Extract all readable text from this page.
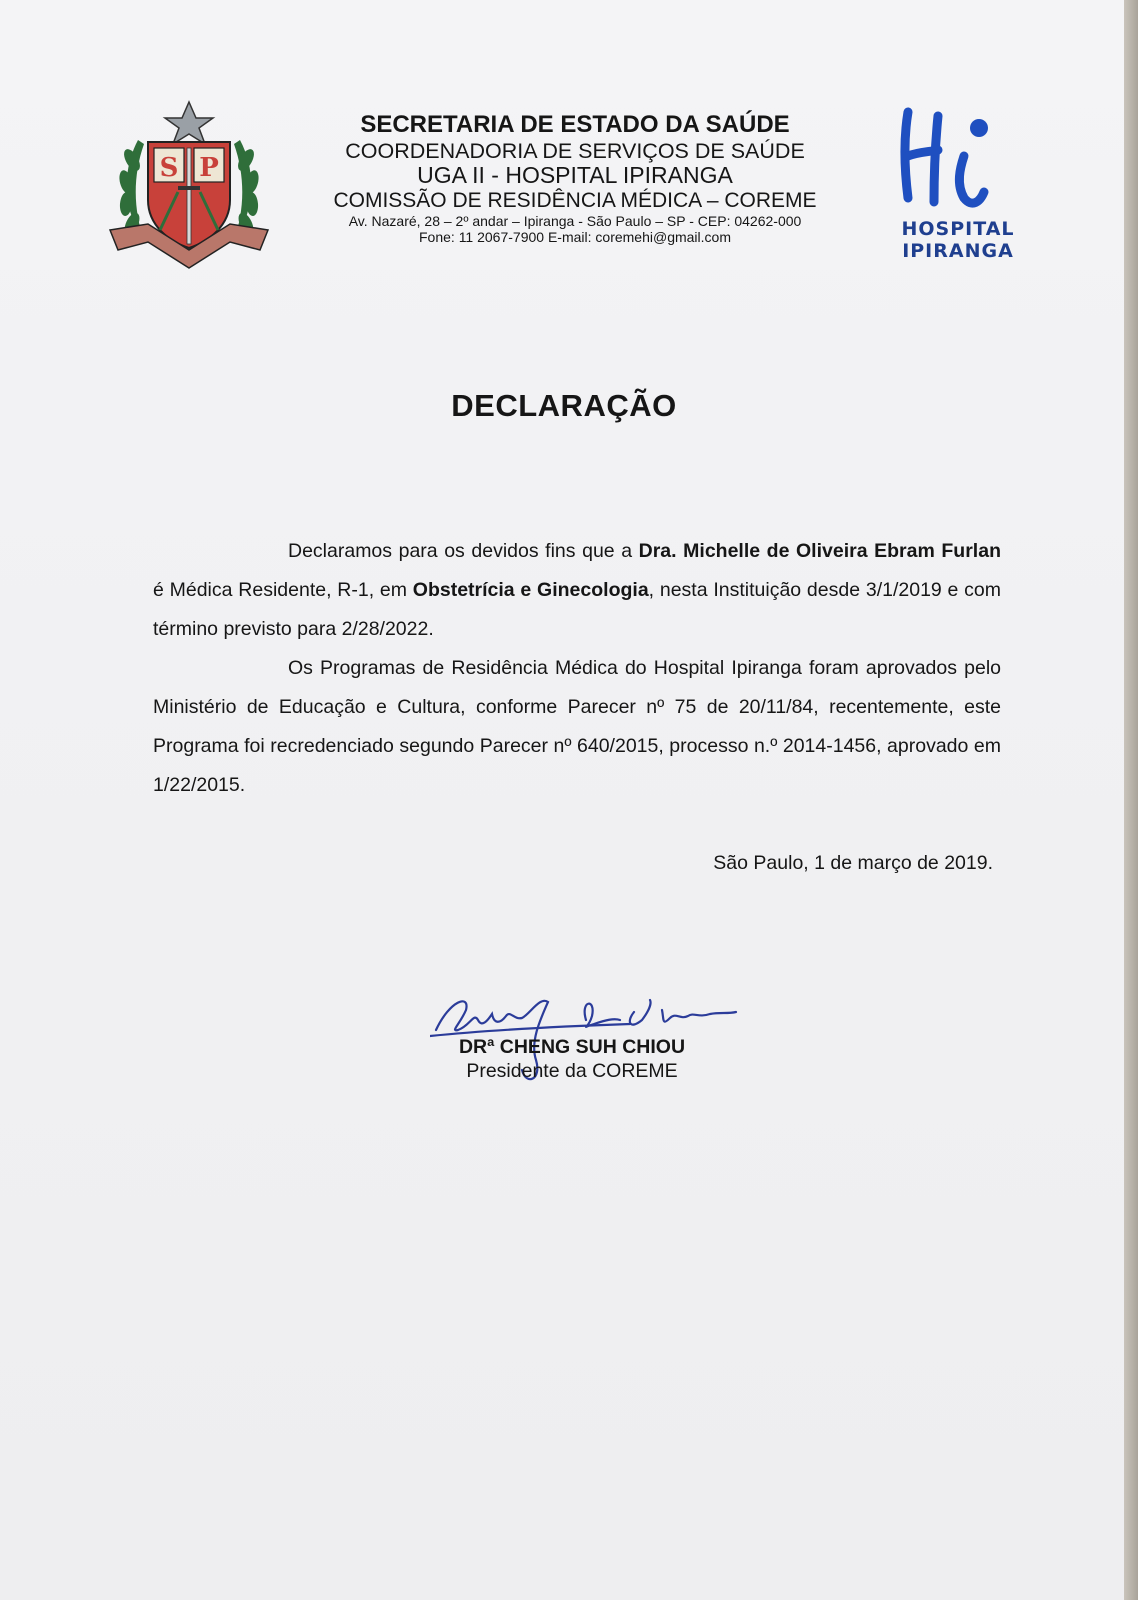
S P
SECRETARIA DE ESTADO DA SAÚDE
COORDENADORIA DE SERVIÇOS DE SAÚDE
UGA II - HOSPITAL IPIRANGA
COMISSÃO DE RESIDÊNCIA MÉDICA – COREME
Av. Nazaré, 28 – 2º andar – Ipiranga - São Paulo – SP - CEP: 04262-000
Fone: 11 2067-7900 E-mail: coremehi@gmail.com	HOSPITAL
IPIRANGA
DECLARAÇÃO

Declaramos para os devidos fins que a Dra. Michelle de Oliveira Ebram Furlan é Médica Residente, R-1, em Obstetrícia e Ginecologia, nesta Instituição desde 3/1/2019 e com término previsto para 2/28/2022.

Os Programas de Residência Médica do Hospital Ipiranga foram aprovados pelo Ministério de Educação e Cultura, conforme Parecer nº 75 de 20/11/84, recentemente, este Programa foi recredenciado segundo Parecer nº 640/2015, processo n.º 2014-1456, aprovado em 1/22/2015.

São Paulo, 1 de março de 2019.
DRª CHENG SUH CHIOU
Presidente da COREME
